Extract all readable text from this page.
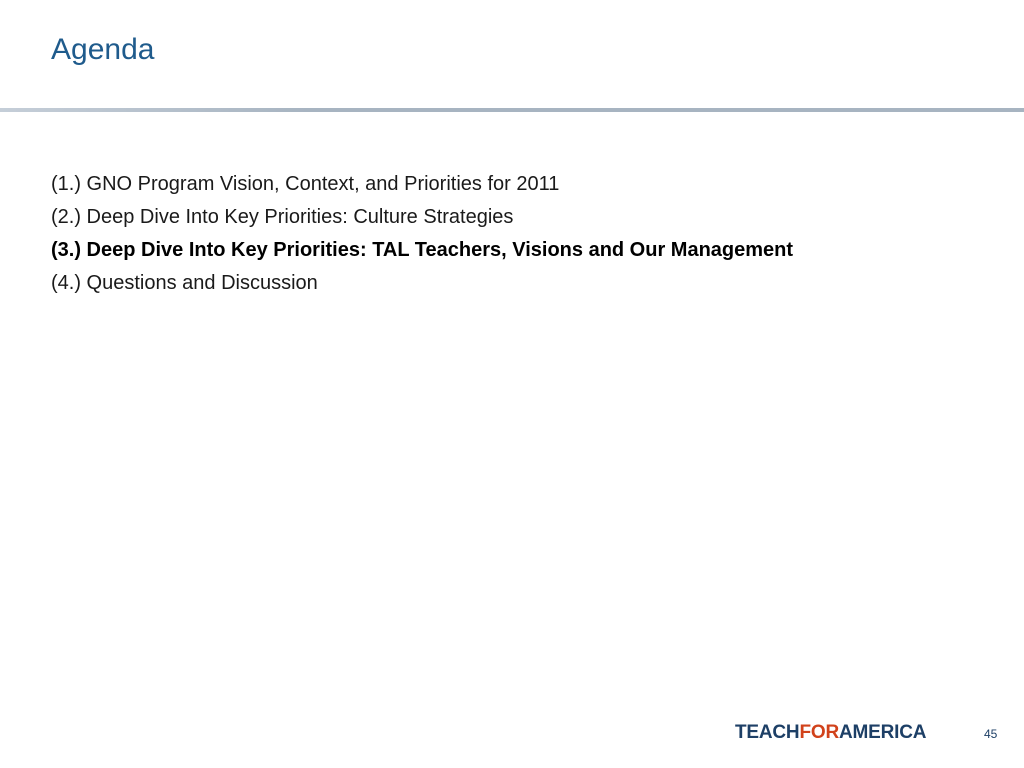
Agenda
(1.) GNO Program Vision, Context, and Priorities for 2011
(2.) Deep Dive Into Key Priorities: Culture Strategies
(3.) Deep Dive Into Key Priorities: TAL Teachers, Visions and Our Management
(4.) Questions and Discussion
TEACHFORAMERICA	45
